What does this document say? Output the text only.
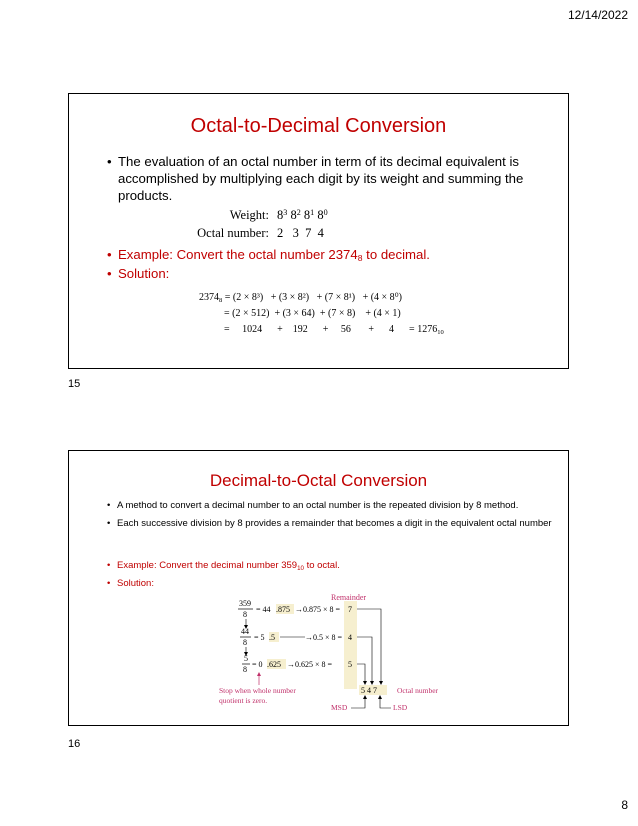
12/14/2022
Octal-to-Decimal Conversion
• The evaluation of an octal number in term of its decimal equivalent is accomplished by multiplying each digit by its weight and summing the products.
Weight: $8^3$ $8^2$ $8^1$ $8^0$
Octal number: 2 3 7 4
• Example: Convert the octal number $2374_8$ to decimal.
• Solution:
$2374_8 = (2 \times 8^3) + (3 \times 8^2) + (7 \times 8^1) + (4 \times 8^0)$
= (2 × 512)  + (3 × 64)  + (7 × 8)    + (4 × 1)
=     1024      +    192      +     56       +      4      = $1276_{10}$
15
Decimal-to-Octal Conversion
• A method to convert a decimal number to an octal number is the repeated division by 8 method.
• Each successive division by 8 provides a remainder that becomes a digit in the equivalent octal number
• Example: Convert the decimal number $359_{10}$ to octal.
• Solution:
Remainder
359
8
= 44 .875 →0.875 × 8 = 7
44
8
= 5 .5	→0.5 × 8 = 4
5
8
= 0 .625 →0.625 × 8 = 5
Stop when whole number
quotient is zero.
5 4 7	Octal number
MSD	LSD
16
8
